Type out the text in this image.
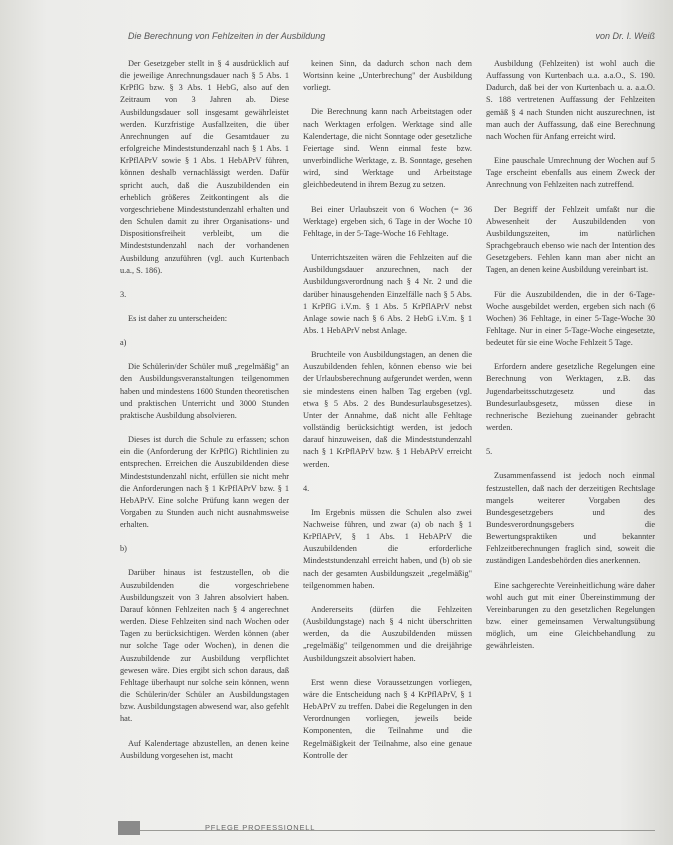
Die Berechnung von Fehlzeiten in der Ausbildung	von Dr. I. Weiß

Der Gesetzgeber stellt in § 4 ausdrücklich auf die jeweilige Anrechnungsdauer nach § 5 Abs. 1 KrPflG bzw. § 3 Abs. 1 HebG, also auf den Zeitraum von 3 Jahren ab. Diese Ausbildungsdauer soll insgesamt gewährleistet werden. Kurzfristige Ausfallzeiten, die über Anrechnungen auf die Gesamtdauer zu erfolgreiche Mindeststundenzahl nach § 1 Abs. 1 KrPflAPrV sowie § 1 Abs. 1 HebAPrV führen, können deshalb vernachlässigt werden. Dafür spricht auch, daß die Auszubildenden ein erheblich größeres Zeitkontingent als die vorgeschriebene Mindeststundenzahl erhalten und den Schulen damit zu ihrer Organisations- und Dispositionsfreiheit verbleibt, um die Mindeststundenzahl nach der vorhandenen Ausbildung anzuführen (vgl. auch Kurtenbach u.a., S. 186).

3.

Es ist daher zu unterscheiden:

a)

Die Schülerin/der Schüler muß „regelmäßig" an den Ausbildungsveranstaltungen teilgenommen haben und mindestens 1600 Stunden theoretischen und praktischen Unterricht und 3000 Stunden praktische Ausbildung absolvieren.

Dieses ist durch die Schule zu erfassen; schon ein die (Anforderung der KrPflG) Richtlinien zu entsprechen. Erreichen die Auszubildenden diese Mindeststundenzahl nicht, erfüllen sie nicht mehr die Anforderungen nach § 1 KrPflAPrV bzw. § 1 HebAPrV. Eine solche Prüfung kann wegen der Vorgaben zu Stunden auch nicht ausnahmsweise erhalten.

b)

Darüber hinaus ist festzustellen, ob die Auszubildenden die vorgeschriebene Ausbildungszeit von 3 Jahren absolviert haben. Darauf können Fehlzeiten nach § 4 angerechnet werden. Diese Fehlzeiten sind nach Wochen oder Tagen zu berücksichtigen. Werden können (aber nur solche Tage oder Wochen), in denen die Auszubildende zur Ausbildung verpflichtet gewesen wäre. Dies ergibt sich schon daraus, daß Fehltage überhaupt nur solche sein können, wenn die Schülerin/der Schüler an Ausbildungstagen bzw. Ausbildungstagen abwesend war, also gefehlt hat.

Auf Kalendertage abzustellen, an denen keine Ausbildung vorgesehen ist, macht

keinen Sinn, da dadurch schon nach dem Wortsinn keine „Unterbrechung" der Ausbildung vorliegt.

Die Berechnung kann nach Arbeitstagen oder nach Werktagen erfolgen. Werktage sind alle Kalendertage, die nicht Sonntage oder gesetzliche Feiertage sind. Wenn einmal feste bzw. unverbindliche Werktage, z. B. Sonntage, gesehen wird, sind Werktage und Arbeitstage gleichbedeutend in ihrem Bezug zu setzen.

Bei einer Urlaubszeit von 6 Wochen (= 36 Werktage) ergeben sich, 6 Tage in der Woche 10 Fehltage, in der 5-Tage-Woche 16 Fehltage.

Unterrichtszeiten wären die Fehlzeiten auf die Ausbildungsdauer anzurechnen, nach der Ausbildungsverordnung nach § 4 Nr. 2 und die darüber hinausgehenden Einzelfälle nach § 5 Abs. 1 KrPflG i.V.m. § 1 Abs. 5 KrPflAPrV nebst Anlage sowie nach § 6 Abs. 2 HebG i.V.m. § 1 Abs. 1 HebAPrV nebst Anlage.

Bruchteile von Ausbildungstagen, an denen die Auszubildenden fehlen, können ebenso wie bei der Urlaubsberechnung aufgerundet werden, wenn sie mindestens einen halben Tag ergeben (vgl. etwa § 5 Abs. 2 des Bundesurlaubsgesetzes). Unter der Annahme, daß nicht alle Fehltage vollständig berücksichtigt werden, ist jedoch darauf hinzuweisen, daß die Mindeststundenzahl nach § 1 KrPflAPrV bzw. § 1 HebAPrV erreicht werden.

4.

Im Ergebnis müssen die Schulen also zwei Nachweise führen, und zwar (a) ob nach § 1 KrPflAPrV, § 1 Abs. 1 HebAPrV die Auszubildenden die erforderliche Mindeststundenzahl erreicht haben, und (b) ob sie nach der gesamten Ausbildungszeit „regelmäßig" teilgenommen haben.

Andererseits (dürfen die Fehlzeiten (Ausbildungstage) nach § 4 nicht überschritten werden, da die Auszubildenden müssen „regelmäßig" teilgenommen und die dreijährige Ausbildungszeit absolviert haben.

Erst wenn diese Voraussetzungen vorliegen, wäre die Entscheidung nach § 4 KrPflAPrV, § 1 HebAPrV zu treffen. Dabei die Regelungen in den Verordnungen vorliegen, jeweils beide Komponenten, die Teilnahme und die Regelmäßigkeit der Teilnahme, also eine genaue Kontrolle der

Ausbildung (Fehlzeiten) ist wohl auch die Auffassung von Kurtenbach u.a. a.a.O., S. 190. Dadurch, daß bei der von Kurtenbach u. a. a.a.O. S. 188 vertretenen Auffassung der Fehlzeiten gemäß § 4 nach Stunden nicht auszurechnen, ist man auch der Auffassung, daß eine Berechnung nach Wochen für Anfang erreicht wird.

Eine pauschale Umrechnung der Wochen auf 5 Tage erscheint ebenfalls aus einem Zweck der Anrechnung von Fehlzeiten nach zutreffend.

Der Begriff der Fehlzeit umfaßt nur die Abwesenheit der Auszubildenden von Ausbildungszeiten, im natürlichen Sprachgebrauch ebenso wie nach der Intention des Gesetzgebers. Fehlen kann man aber nicht an Tagen, an denen keine Ausbildung vereinbart ist.

Für die Auszubildenden, die in der 6-Tage-Woche ausgebildet werden, ergeben sich nach (6 Wochen) 36 Fehltage, in einer 5-Tage-Woche 30 Fehltage. Nur in einer 5-Tage-Woche eingesetzte, bedeutet für sie eine Woche Fehlzeit 5 Tage.

Erfordern andere gesetzliche Regelungen eine Berechnung von Werktagen, z.B. das Jugendarbeitsschutzgesetz und das Bundesurlaubsgesetz, müssen diese in rechnerische Beziehung zueinander gebracht werden.

5.

Zusammenfassend ist jedoch noch einmal festzustellen, daß nach der derzeitigen Rechtslage mangels weiterer Vorgaben des Bundesgesetzgebers und des Bundesverordnungsgebers die Bewertungspraktiken und bekannter Fehlzeitberechnungen fraglich sind, soweit die zuständigen Landesbehörden dies anerkennen.

Eine sachgerechte Vereinheitlichung wäre daher wohl auch gut mit einer Übereinstimmung der Vereinbarungen zu den gesetzlichen Regelungen bzw. einer gemeinsamen Verwaltungsübung möglich, um eine Gleichbehandlung zu gewährleisten.

PFLEGE PROFESSIONELL
